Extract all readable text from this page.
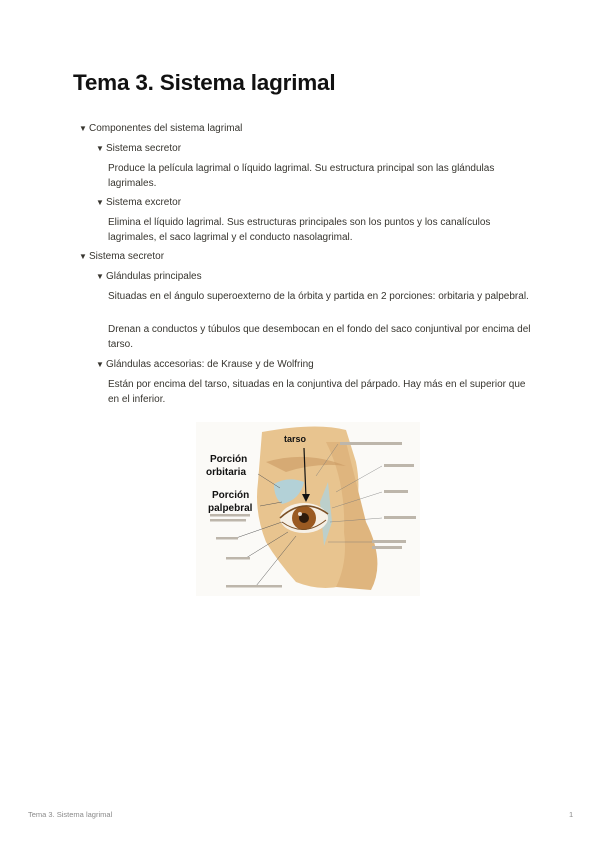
Tema 3. Sistema lagrimal
▼ Componentes del sistema lagrimal
▼ Sistema secretor

Produce la película lagrimal o líquido lagrimal. Su estructura principal son las glándulas lagrimales.

▼ Sistema excretor

Elimina el líquido lagrimal. Sus estructuras principales son los puntos y los canalículos lagrimales, el saco lagrimal y el conducto nasolagrimal.

▼ Sistema secretor
▼ Glándulas principales

Situadas en el ángulo superoexterno de la órbita y partida en 2 porciones: orbitaria y palpebral.

Drenan a conductos y túbulos que desembocan en el fondo del saco conjuntival por encima del tarso.

▼ Glándulas accesorias: de Krause y de Wolfring

Están por encima del tarso, situadas en la conjuntiva del párpado. Hay más en el superior que en el inferior.

tarso
Porción
orbitaria
Porción
palpebral
Tema 3. Sistema lagrimal	1
